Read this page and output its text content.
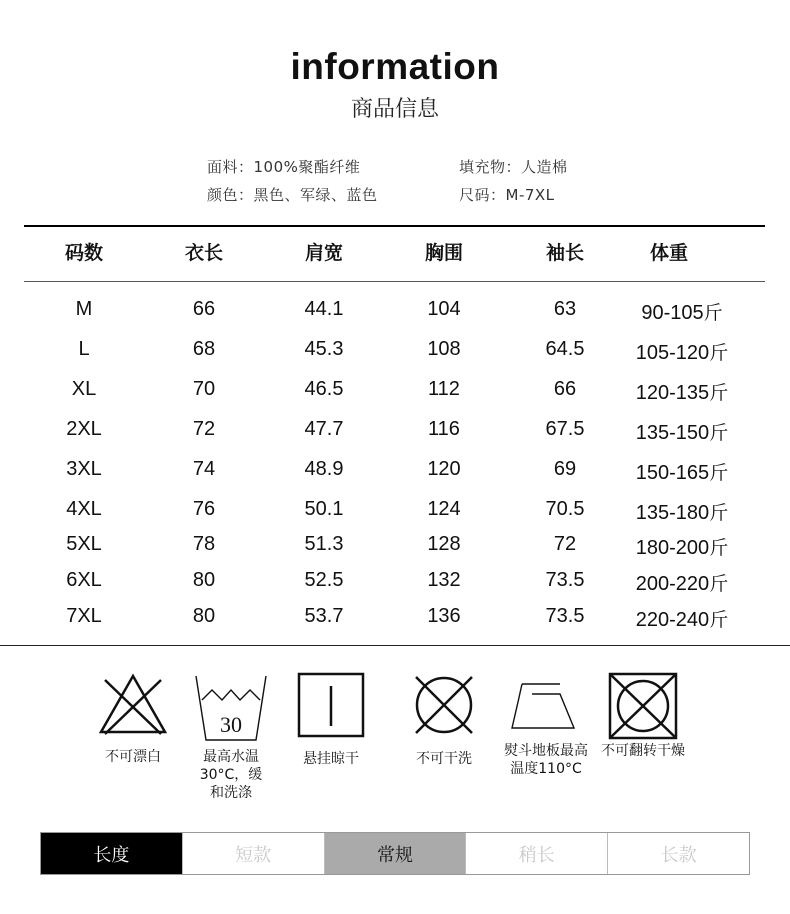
information
商品信息
面料：100%聚酯纤维	填充物：人造棉
颜色：黑色、军绿、蓝色	尺码：M-7XL
码数	衣长	肩宽	胸围	袖长	体重
M	66	44.1	104	63	90-105斤
L	68	45.3	108	64.5	105-120斤
XL	70	46.5	112	66	120-135斤
2XL	72	47.7	116	67.5	135-150斤
3XL	74	48.9	120	69	150-165斤
4XL	76	50.1	124	70.5	135-180斤
5XL	78	51.3	128	72	180-200斤
6XL	80	52.5	132	73.5	200-220斤
7XL	80	53.7	136	73.5	220-240斤
不可漂白
30
最高水温30°C，缓和洗涤
悬挂晾干	不可干洗	熨斗地板最高温度110°C
不可翻转干燥
长度	短款	常规	稍长	长款
